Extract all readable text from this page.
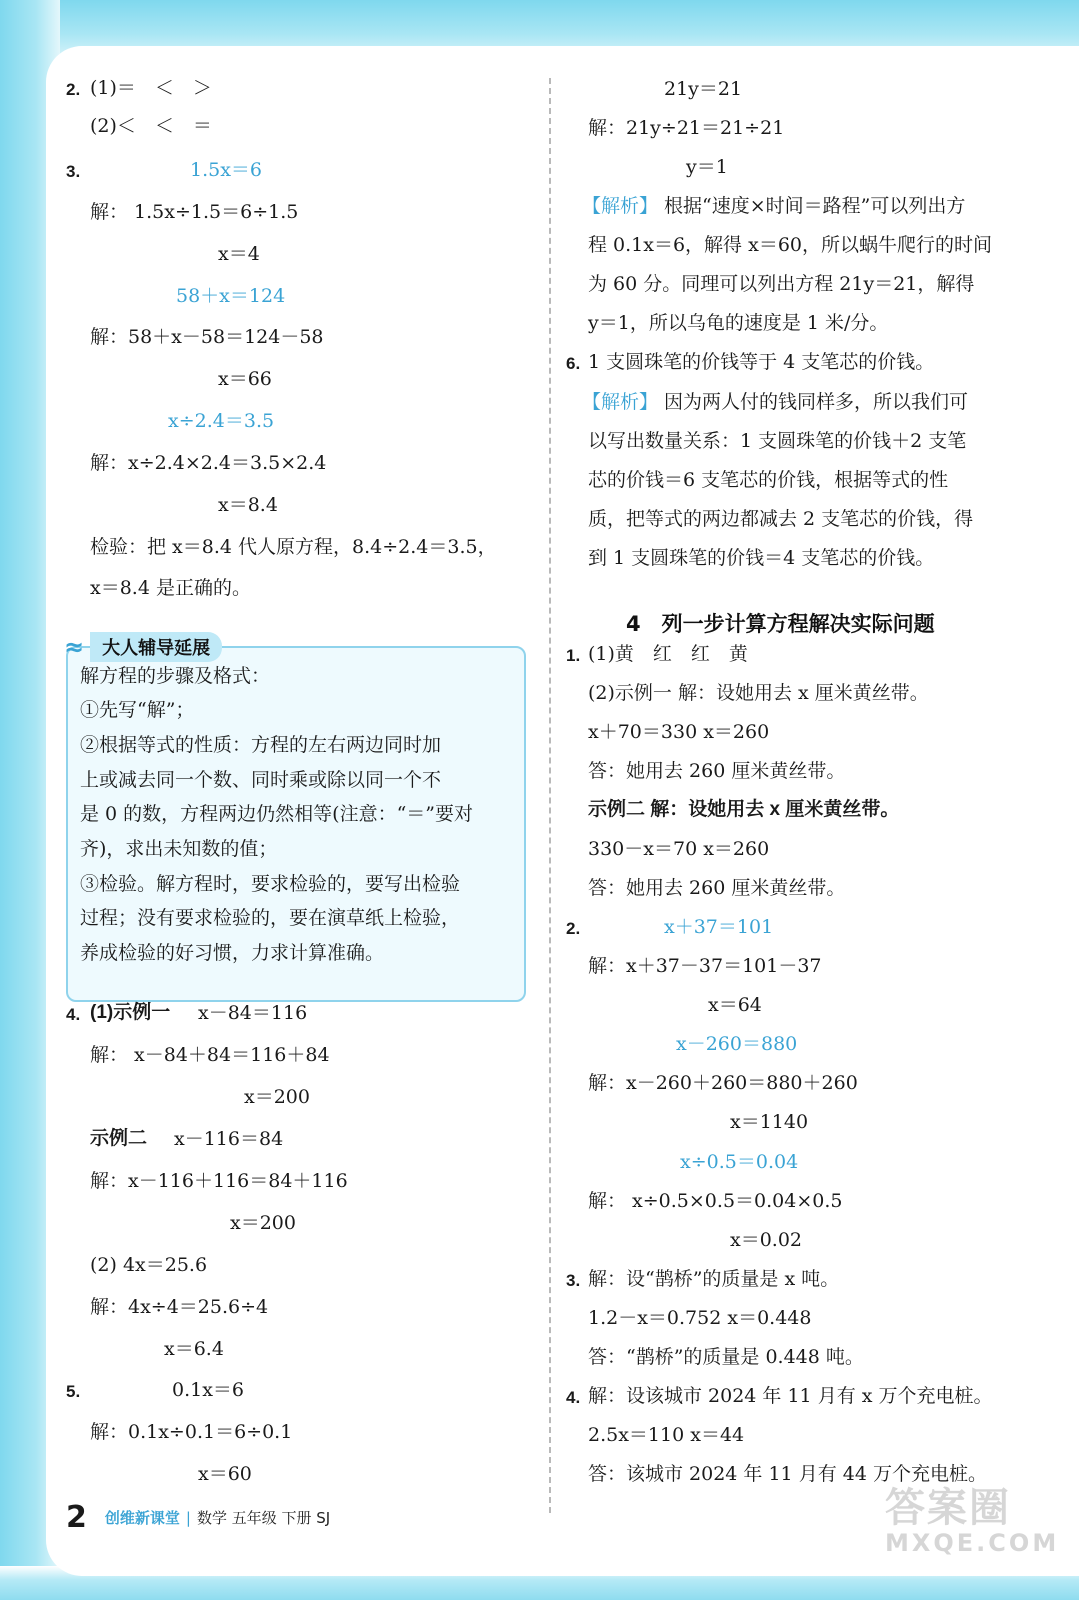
2. (1)＝　＜　＞
(2)＜　＜　＝
3.	1.5x＝6
解： 1.5x÷1.5＝6÷1.5
x＝4
58＋x＝124
解：58＋x－58＝124－58
x＝66
x÷2.4＝3.5
解：x÷2.4×2.4＝3.5×2.4
x＝8.4
检验：把 x＝8.4 代人原方程，8.4÷2.4＝3.5，
x＝8.4 是正确的。
≈	大人辅导延展
解方程的步骤及格式：
①先写“解”；
②根据等式的性质：方程的左右两边同时加
上或减去同一个数、同时乘或除以同一个不
是 0 的数，方程两边仍然相等(注意：“＝”要对
齐)，求出未知数的值；
③检验。解方程时，要求检验的，要写出检验
过程；没有要求检验的，要在演草纸上检验，
养成检验的好习惯，力求计算准确。
4. (1)示例一 x－84＝116
解： x－84＋84＝116＋84
x＝200
示例二 x－116＝84
解：x－116＋116＝84＋116
x＝200
(2) 4x＝25.6
解：4x÷4＝25.6÷4
x＝6.4
5.	0.1x＝6
解：0.1x÷0.1＝6÷0.1
x＝60
21y＝21
解：21y÷21＝21÷21
y＝1
【解析】 根据“速度×时间＝路程”可以列出方
程 0.1x＝6，解得 x＝60，所以蜗牛爬行的时间
为 60 分。同理可以列出方程 21y＝21，解得
y＝1，所以乌龟的速度是 1 米/分。
6. 1 支圆珠笔的价钱等于 4 支笔芯的价钱。
【解析】 因为两人付的钱同样多，所以我们可
以写出数量关系：1 支圆珠笔的价钱＋2 支笔
芯的价钱＝6 支笔芯的价钱，根据等式的性
质，把等式的两边都减去 2 支笔芯的价钱，得
到 1 支圆珠笔的价钱＝4 支笔芯的价钱。
4　列一步计算方程解决实际问题
1. (1)黄　红　红　黄
(2)示例一 解：设她用去 x 厘米黄丝带。
x＋70＝330 x＝260
答：她用去 260 厘米黄丝带。
示例二 解：设她用去 x 厘米黄丝带。
330－x＝70 x＝260
答：她用去 260 厘米黄丝带。
2.	x＋37＝101
解：x＋37－37＝101－37
x＝64
x－260＝880
解：x－260＋260＝880＋260
x＝1140
x÷0.5＝0.04
解： x÷0.5×0.5＝0.04×0.5
x＝0.02
3. 解：设“鹊桥”的质量是 x 吨。
1.2－x＝0.752 x＝0.448
答：“鹊桥”的质量是 0.448 吨。
4. 解：设该城市 2024 年 11 月有 x 万个充电桩。
2.5x＝110 x＝44
答：该城市 2024 年 11 月有 44 万个充电桩。
2 创维新课堂 | 数学 五年级 下册 SJ	答案圈
MXQE.COM
